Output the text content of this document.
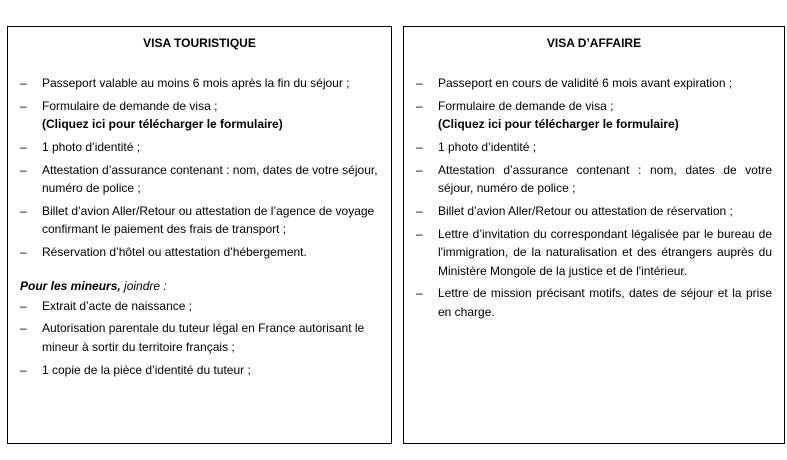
VISA TOURISTIQUE
– Passeport valable au moins 6 mois après la fin du séjour ;
– Formulaire de demande de visa ;
(Cliquez ici pour télécharger le formulaire)
– 1 photo d’identité ;
– Attestation d’assurance contenant : nom, dates de votre séjour, numéro de police ;
– Billet d’avion Aller/Retour ou attestation de l’agence de voyage confirmant le paiement des frais de transport ;
– Réservation d’hôtel ou attestation d’hébergement.
Pour les mineurs, joindre :
– Extrait d’acte de naissance ;
– Autorisation parentale du tuteur légal en France autorisant le mineur à sortir du territoire français ;
– 1 copie de la pièce d’identité du tuteur ;
VISA D’AFFAIRE
– Passeport en cours de validité 6 mois avant expiration ;
– Formulaire de demande de visa ;
(Cliquez ici pour télécharger le formulaire)
– 1 photo d’identité ;
– Attestation d’assurance contenant : nom, dates de votre séjour, numéro de police ;
– Billet d’avion Aller/Retour ou attestation de réservation ;
– Lettre d’invitation du correspondant légalisée par le bureau de l'immigration, de la naturalisation et des étrangers auprès du Ministère Mongole de la justice et de l'intérieur.
– Lettre de mission précisant motifs, dates de séjour et la prise en charge.
